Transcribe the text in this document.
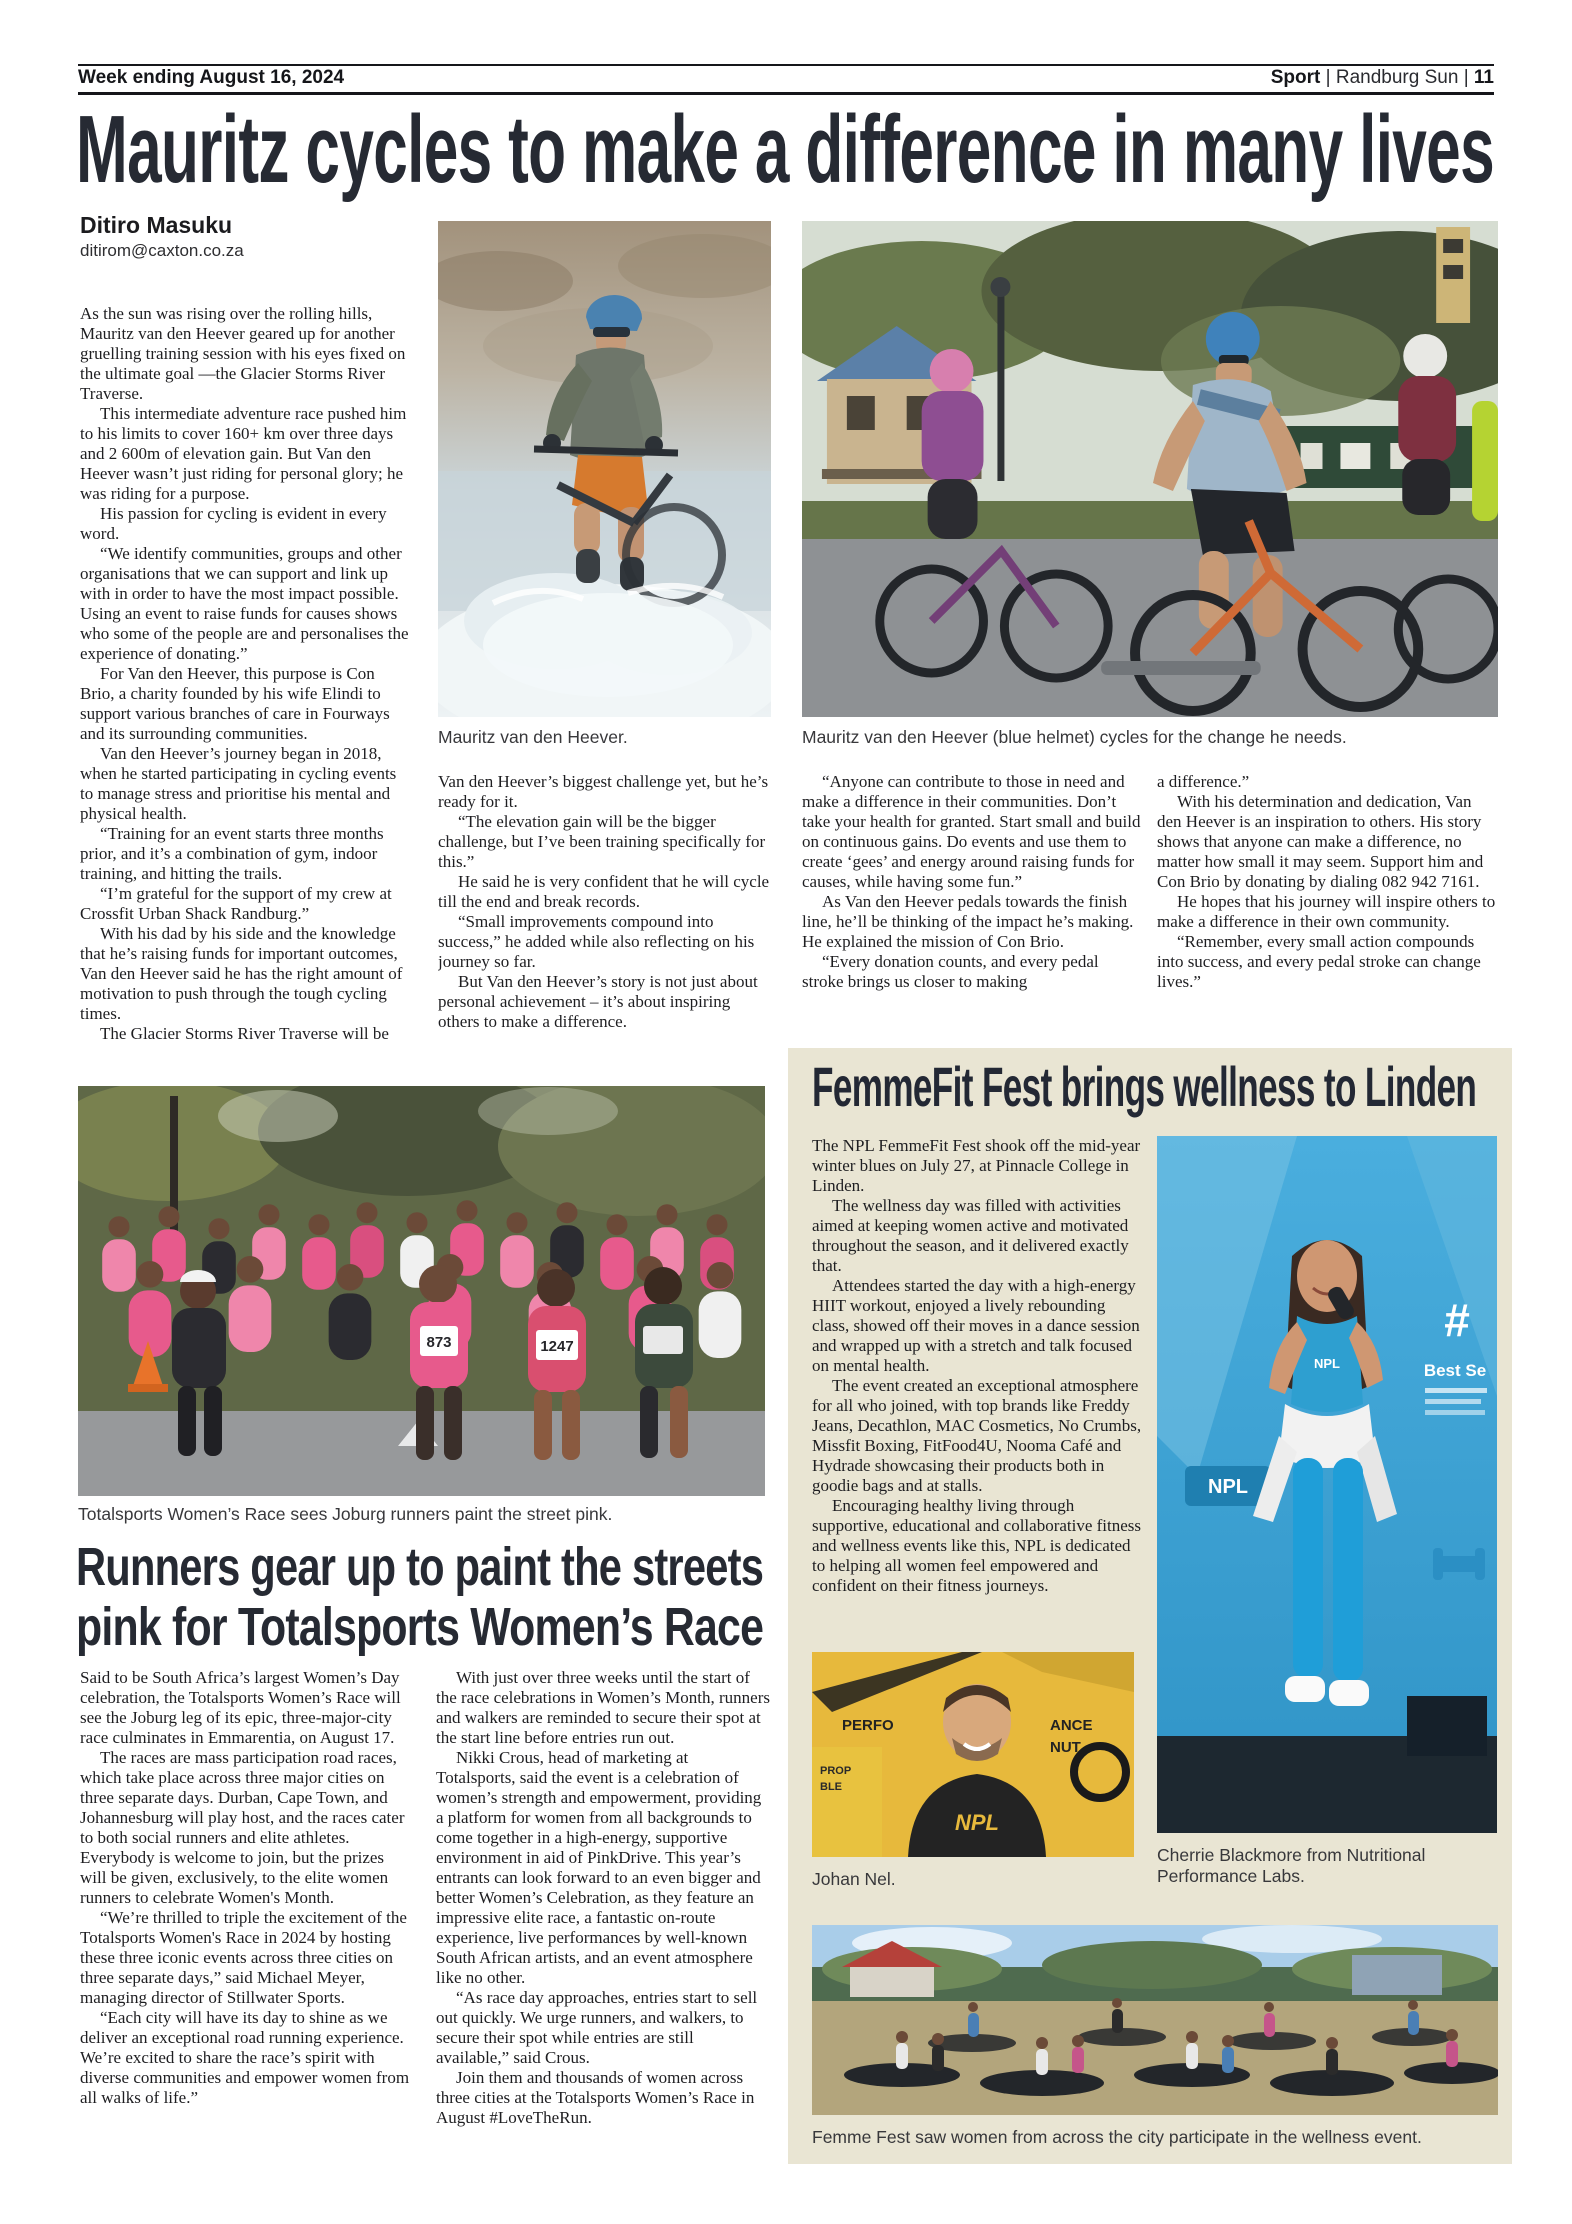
Week ending August 16, 2024	Sport | Randburg Sun | 11
Mauritz cycles to make a difference in many lives
Ditiro Masuku
ditirom@caxton.co.za

As the sun was rising over the rolling hills, Mauritz van den Heever geared up for another gruelling training session with his eyes fixed on the ultimate goal —the Glacier Storms River Traverse.

This intermediate adventure race pushed him to his limits to cover 160+ km over three days and 2 600m of elevation gain. But Van den Heever wasn’t just riding for personal glory; he was riding for a purpose.

His passion for cycling is evident in every word.

“We identify communities, groups and other organisations that we can support and link up with in order to have the most impact possible. Using an event to raise funds for causes shows who some of the people are and personalises the experience of donating.”

For Van den Heever, this purpose is Con Brio, a charity founded by his wife Elindi to support various branches of care in Fourways and its surrounding communities.

Van den Heever’s journey began in 2018, when he started participating in cycling events to manage stress and prioritise his mental and physical health.

“Training for an event starts three months prior, and it’s a combination of gym, indoor training, and hitting the trails.

“I’m grateful for the support of my crew at Crossfit Urban Shack Randburg.”

With his dad by his side and the knowledge that he’s raising funds for important outcomes, Van den Heever said he has the right amount of motivation to push through the tough cycling times.

The Glacier Storms River Traverse will be

Van den Heever’s biggest challenge yet, but he’s ready for it.

“The elevation gain will be the bigger challenge, but I’ve been training specifically for this.”

He said he is very confident that he will cycle till the end and break records.

“Small improvements compound into success,” he added while also reflecting on his journey so far.

But Van den Heever’s story is not just about personal achievement – it’s about inspiring others to make a difference.

“Anyone can contribute to those in need and make a difference in their communities. Don’t take your health for granted. Start small and build on continuous gains. Do events and use them to create ‘gees’ and energy around raising funds for causes, while having some fun.”

As Van den Heever pedals towards the finish line, he’ll be thinking of the impact he’s making. He explained the mission of Con Brio.

“Every donation counts, and every pedal stroke brings us closer to making

a difference.”

With his determination and dedication, Van den Heever is an inspiration to others. His story shows that anyone can make a difference, no matter how small it may seem. Support him and Con Brio by donating by dialing 082 942 7161.

He hopes that his journey will inspire others to make a difference in their own community.

“Remember, every small action compounds into success, and every pedal stroke can change lives.”

Mauritz van den Heever.	Mauritz van den Heever (blue helmet) cycles for the change he needs.
873	1247
Totalsports Women’s Race sees Joburg runners paint the street pink.
Runners gear up to paint the streets
pink for Totalsports Women’s Race

Said to be South Africa’s largest Women’s Day celebration, the Totalsports Women’s Race will see the Joburg leg of its epic, three-major-city race culminates in Emmarentia, on August 17.

The races are mass participation road races, which take place across three major cities on three separate days. Durban, Cape Town, and Johannesburg will play host, and the races cater to both social runners and elite athletes. Everybody is welcome to join, but the prizes will be given, exclusively, to the elite women runners to celebrate Women's Month.

“We’re thrilled to triple the excitement of the Totalsports Women's Race in 2024 by hosting these three iconic events across three cities on three separate days,” said Michael Meyer, managing director of Stillwater Sports.

“Each city will have its day to shine as we deliver an exceptional road running experience. We’re excited to share the race’s spirit with diverse communities and empower women from all walks of life.”

With just over three weeks until the start of the race celebrations in Women’s Month, runners and walkers are reminded to secure their spot at the start line before entries run out.

Nikki Crous, head of marketing at Totalsports, said the event is a celebration of women’s strength and empowerment, providing a platform for women from all backgrounds to come together in a high-energy, supportive environment in aid of PinkDrive. This year’s entrants can look forward to an even bigger and better Women’s Celebration, as they feature an impressive elite race, a fantastic on-route experience, live performances by well-known South African artists, and an event atmosphere like no other.

“As race day approaches, entries start to sell out quickly. We urge runners, and walkers, to secure their spot while entries are still available,” said Crous.

Join them and thousands of women across three cities at the Totalsports Women’s Race in August #LoveTheRun.

FemmeFit Fest brings wellness to Linden

The NPL FemmeFit Fest shook off the mid-year winter blues on July 27, at Pinnacle College in Linden.

The wellness day was filled with activities aimed at keeping women active and motivated throughout the season, and it delivered exactly that.

Attendees started the day with a high-energy HIIT workout, enjoyed a lively rebounding class, showed off their moves in a dance session and wrapped up with a stretch and talk focused on mental health.

The event created an exceptional atmosphere for all who joined, with top brands like Freddy Jeans, Decathlon, MAC Cosmetics, No Crumbs, Missfit Boxing, FitFood4U, Nooma Café and Hydrade showcasing their products both in goodie bags and at stalls.

Encouraging healthy living through supportive, educational and collaborative fitness and wellness events like this, NPL is dedicated to helping all women feel empowered and confident on their fitness journeys.

#
Best Se
NPL
NPL
Cherrie Blackmore from Nutritional Performance Labs.
PERFO	ANCE
NUT
PROP
BLE
NPL
Johan Nel.
Femme Fest saw women from across the city participate in the wellness event.
